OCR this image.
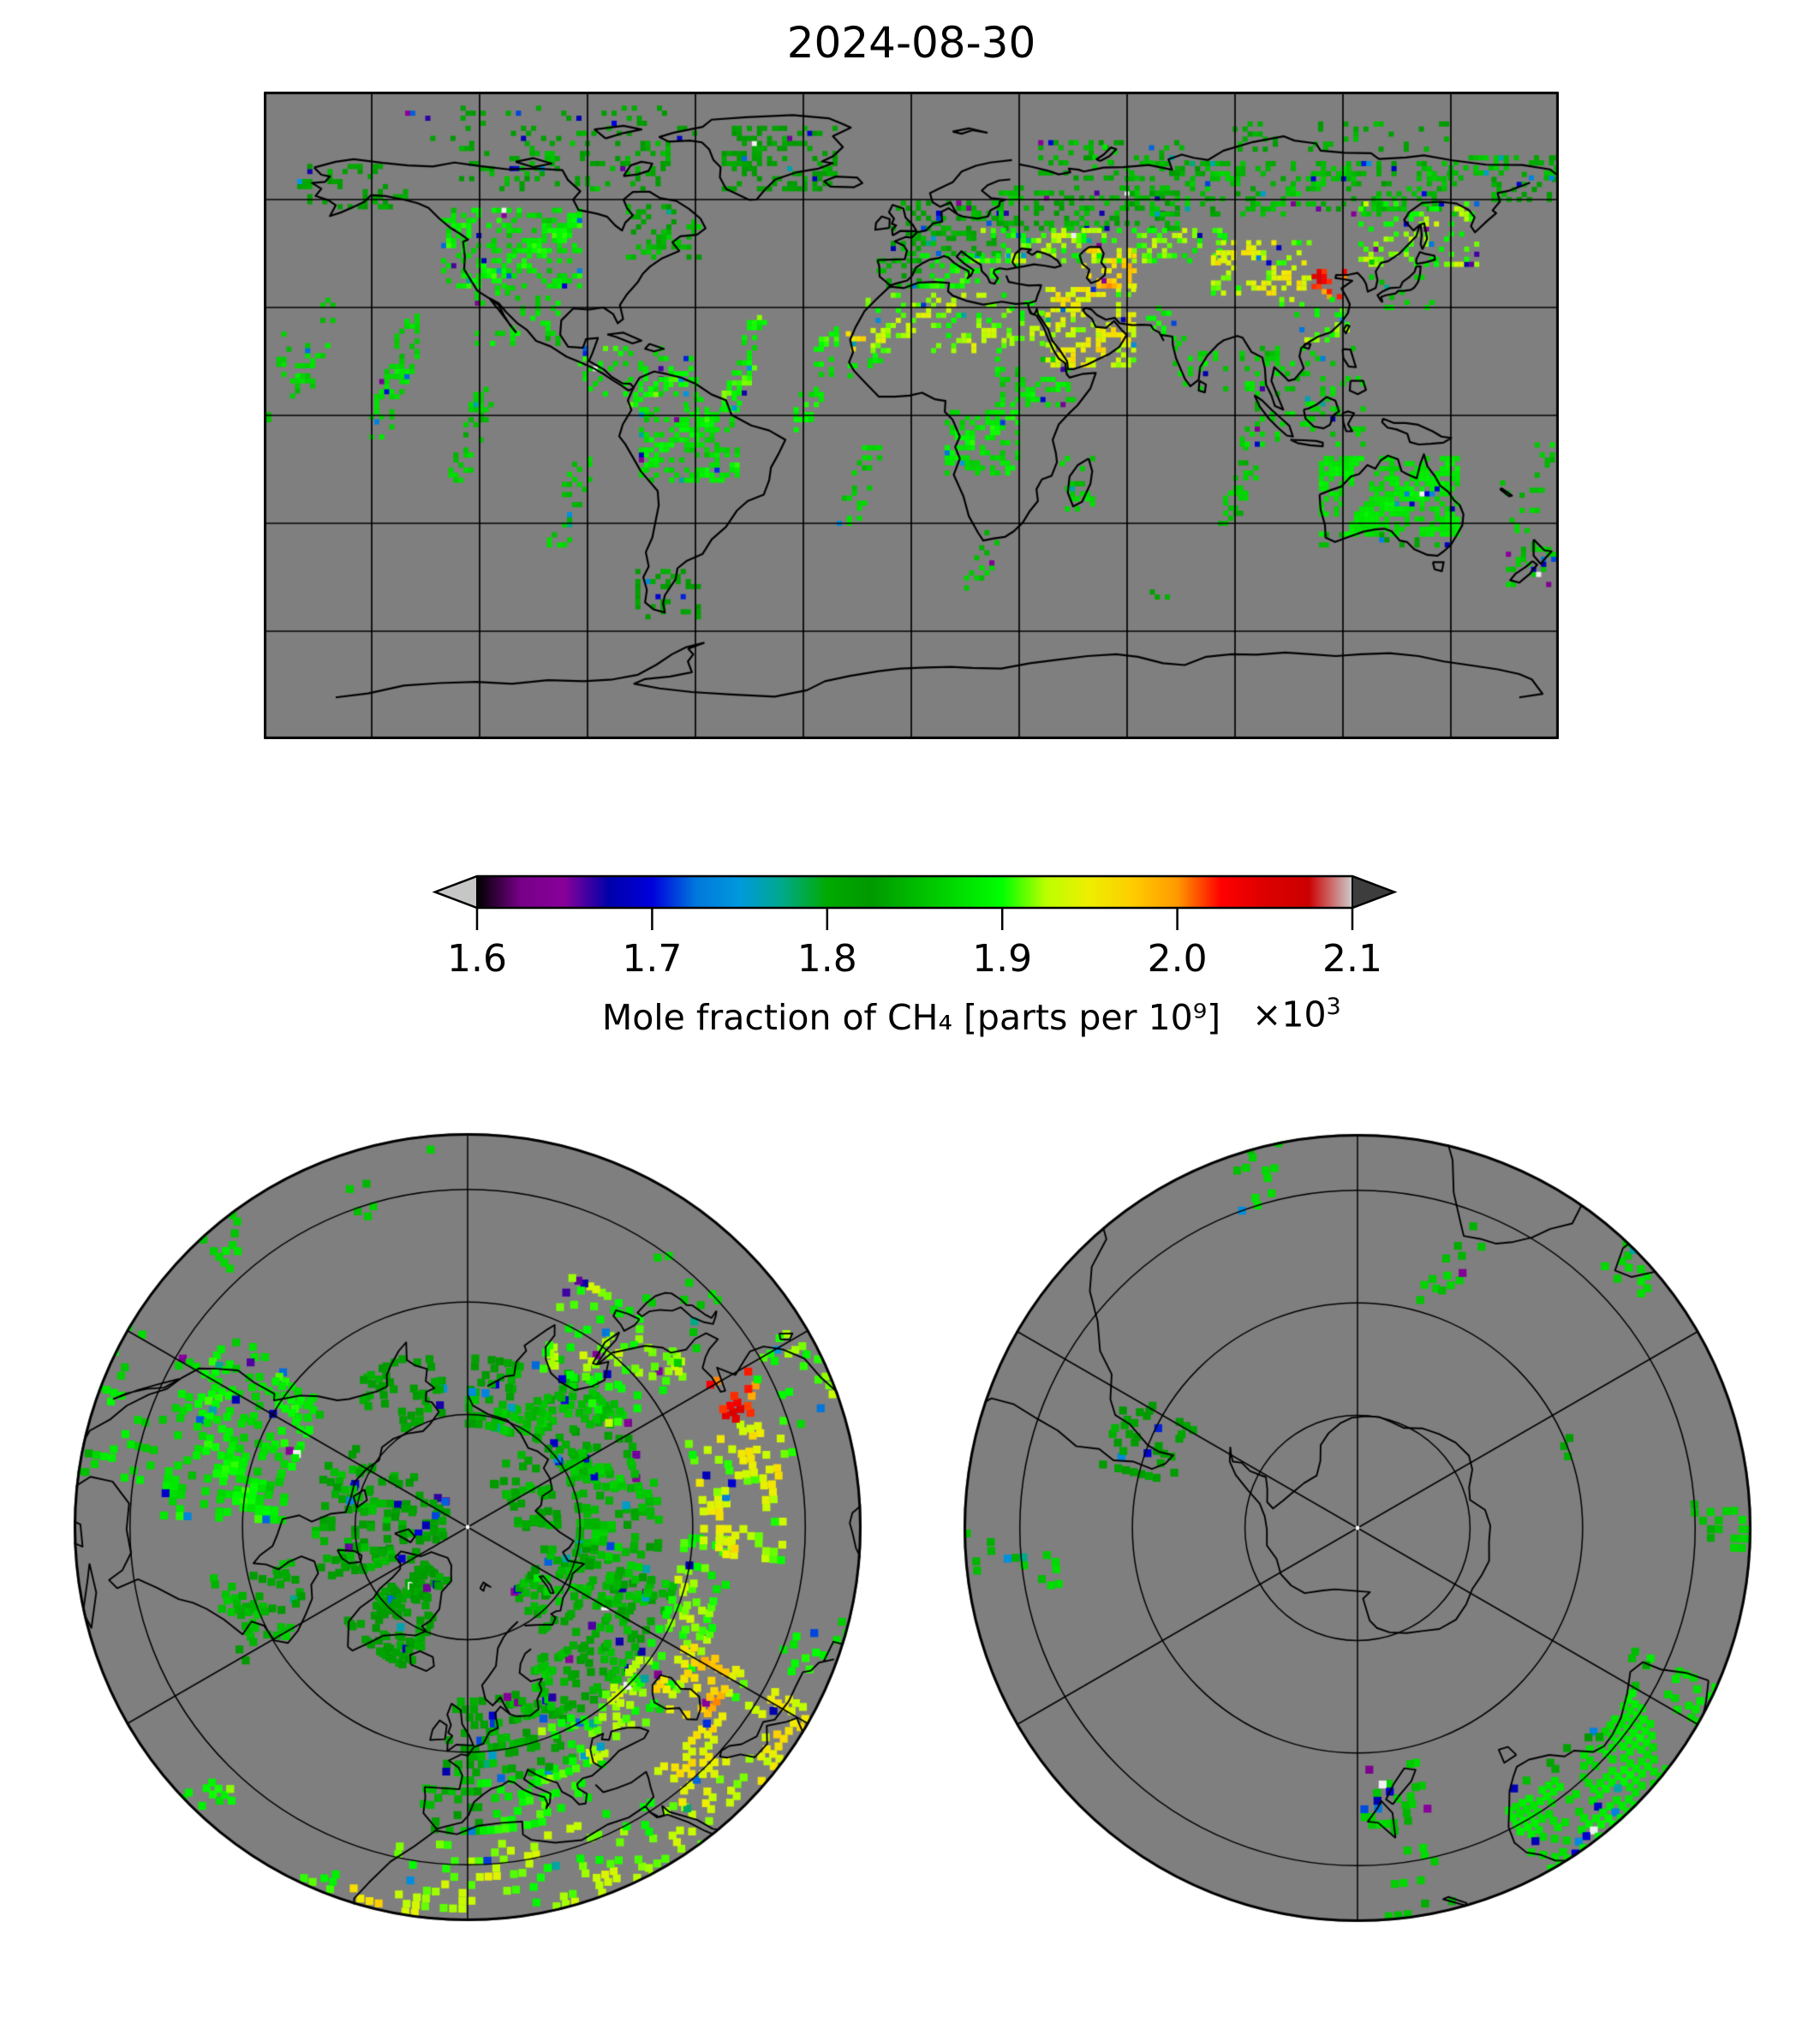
2024-08-30
1.6	1.7	1.8	1.9	2.0	2.1
Mole fraction of CH₄ [parts per $10^9] \times 10^3$
